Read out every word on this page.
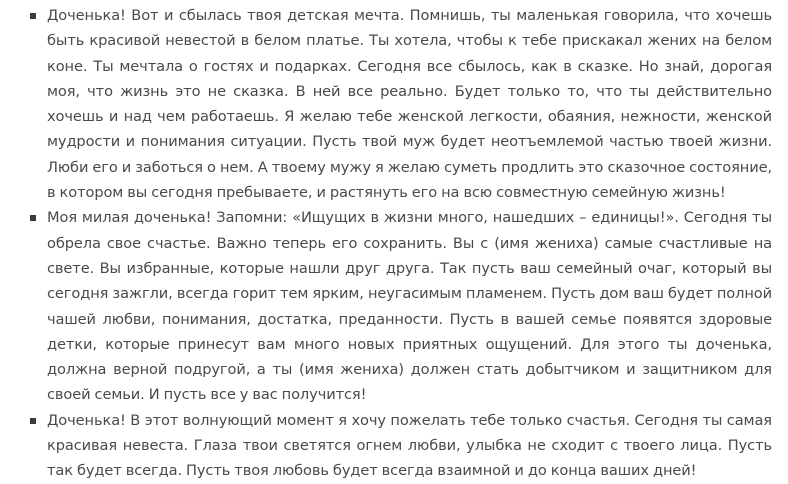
Доченька! Вот и сбылась твоя детская мечта. Помнишь, ты маленькая говорила, что хочешь быть красивой невестой в белом платье. Ты хотела, чтобы к тебе прискакал жених на белом коне. Ты мечтала о гостях и подарках. Сегодня все сбылось, как в сказке. Но знай, дорогая моя, что жизнь это не сказка. В ней все реально. Будет только то, что ты действительно хочешь и над чем работаешь. Я желаю тебе женской легкости, обаяния, нежности, женской мудрости и понимания ситуации. Пусть твой муж будет неотъемлемой частью твоей жизни. Люби его и заботься о нем. А твоему мужу я желаю суметь продлить это сказочное состояние, в котором вы сегодня пребываете, и растянуть его на всю совместную семейную жизнь!

Моя милая доченька! Запомни: «Ищущих в жизни много, нашедших – единицы!». Сегодня ты обрела свое счастье. Важно теперь его сохранить. Вы с (имя жениха) самые счастливые на свете. Вы избранные, которые нашли друг друга. Так пусть ваш семейный очаг, который вы сегодня зажгли, всегда горит тем ярким, неугасимым пламенем. Пусть дом ваш будет полной чашей любви, понимания, достатка, преданности. Пусть в вашей семье появятся здоровые детки, которые принесут вам много новых приятных ощущений. Для этого ты доченька, должна верной подругой, а ты (имя жениха) должен стать добытчиком и защитником для своей семьи. И пусть все у вас получится!

Доченька! В этот волнующий момент я хочу пожелать тебе только счастья. Сегодня ты самая красивая невеста. Глаза твои светятся огнем любви, улыбка не сходит с твоего лица. Пусть так будет всегда. Пусть твоя любовь будет всегда взаимной и до конца ваших дней!
